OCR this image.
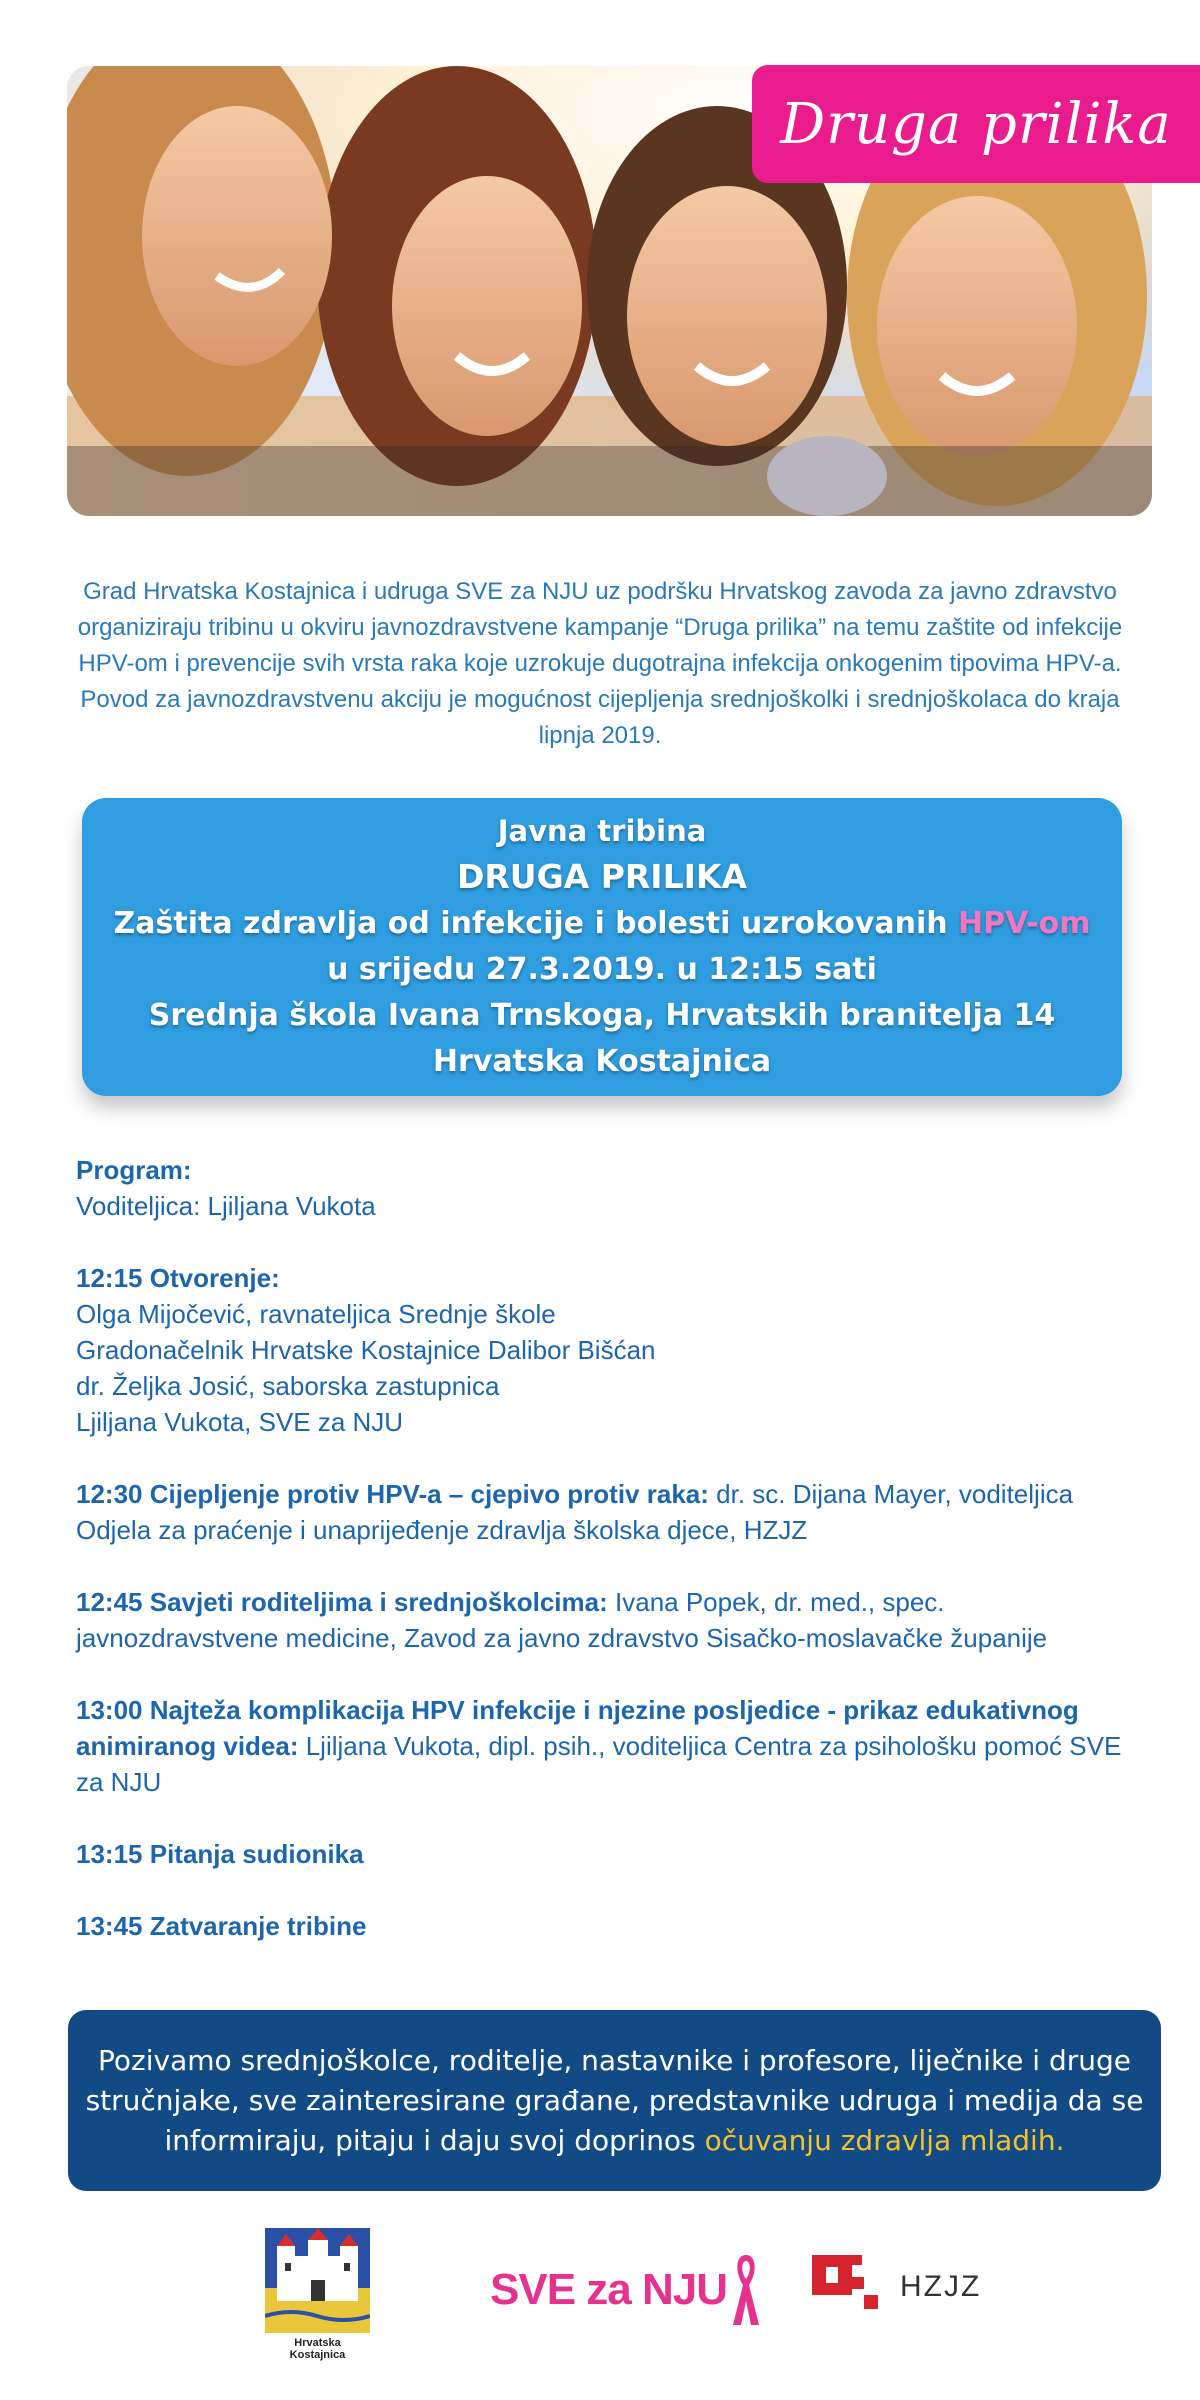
Druga prilika

Grad Hrvatska Kostajnica i udruga SVE za NJU uz podršku Hrvatskog zavoda za javno zdravstvo organiziraju tribinu u okviru javnozdravstvene kampanje “Druga prilika” na temu zaštite od infekcije HPV-om i prevencije svih vrsta raka koje uzrokuje dugotrajna infekcija onkogenim tipovima HPV-a. Povod za javnozdravstvenu akciju je mogućnost cijepljenja srednjoškolki i srednjoškolaca do kraja lipnja 2019.

Javna tribina
DRUGA PRILIKA
Zaštita zdravlja od infekcije i bolesti uzrokovanih HPV-om
u srijedu 27.3.2019. u 12:15 sati
Srednja škola Ivana Trnskoga, Hrvatskih branitelja 14
Hrvatska Kostajnica
Program:
Voditeljica: Ljiljana Vukota
12:15 Otvorenje:
Olga Mijočević, ravnateljica Srednje škole
Gradonačelnik Hrvatske Kostajnice Dalibor Bišćan
dr. Željka Josić, saborska zastupnica
Ljiljana Vukota, SVE za NJU
12:30 Cijepljenje protiv HPV-a – cjepivo protiv raka: dr. sc. Dijana Mayer, voditeljica Odjela za praćenje i unaprijeđenje zdravlja školska djece, HZJZ
12:45 Savjeti roditeljima i srednjoškolcima: Ivana Popek, dr. med., spec. javnozdravstvene medicine, Zavod za javno zdravstvo Sisačko-moslavačke županije
13:00 Najteža komplikacija HPV infekcije i njezine posljedice - prikaz edukativnog animiranog videa: Ljiljana Vukota, dipl. psih., voditeljica Centra za psihološku pomoć SVE za NJU
13:15 Pitanja sudionika
13:45 Zatvaranje tribine

Pozivamo srednjoškolce, roditelje, nastavnike i profesore, liječnike i druge stručnjake, sve zainteresirane građane, predstavnike udruga i medija da se informiraju, pitaju i daju svoj doprinos očuvanju zdravlja mladih.

Hrvatska Kostajnica
SVE za NJU	HZJZ
